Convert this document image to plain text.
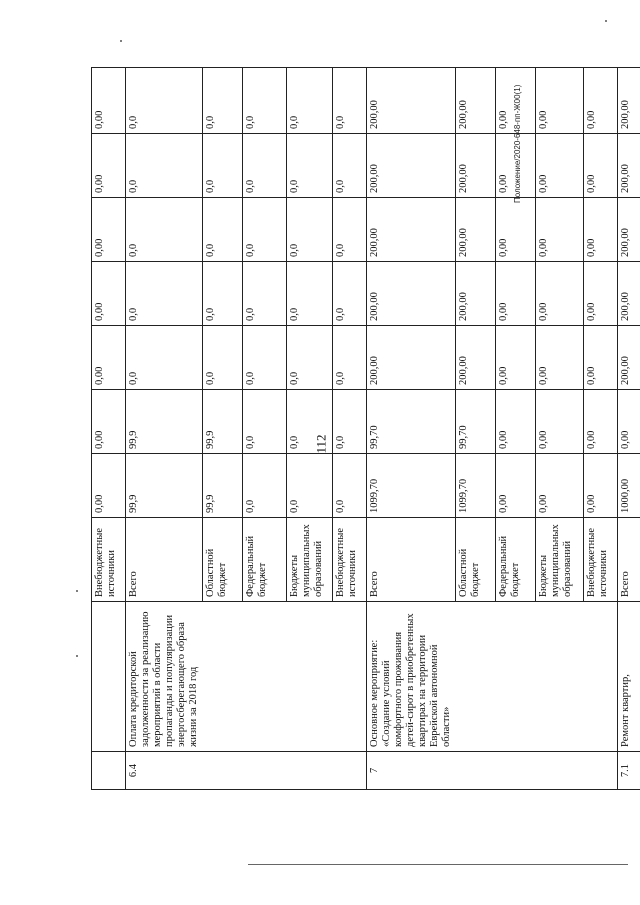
		Внебюджетные источники	0,00	0,00	0,00	0,00	0,00	0,00	0,00
6.4	Оплата кредиторской задолженности за реализацию мероприятий в области пропаганды и популяризации энергосберегающего образа жизни за 2018 год	Всего	99,9	99,9	0,0	0,0	0,0	0,0	0,0
		Областной бюджет	99,9	99,9	0,0	0,0	0,0	0,0	0,0
		Федеральный бюджет	0,0	0,0	0,0	0,0	0,0	0,0	0,0
		Бюджеты муниципальных образований	0,0	0,0	0,0	0,0	0,0	0,0	0,0
		Внебюджетные источники	0,0	0,0	0,0	0,0	0,0	0,0	0,0
7	Основное мероприятие: «Создание условий комфортного проживания детей-сирот в приобретенных квартирах на территории Еврейской автономной области»	Всего	1099,70	99,70	200,00	200,00	200,00	200,00	200,00
		Областной бюджет	1099,70	99,70	200,00	200,00	200,00	200,00	200,00
		Федеральный бюджет	0,00	0,00	0,00	0,00	0,00	0,00	0,00
		Бюджеты муниципальных образований	0,00	0,00	0,00	0,00	0,00	0,00	0,00
		Внебюджетные источники	0,00	0,00	0,00	0,00	0,00	0,00	0,00
7.1	Ремонт квартир,	Всего	1000,00	0,00	200,00	200,00	200,00	200,00	200,00
112
Положение/2020-648-пп-Ж00(1)
